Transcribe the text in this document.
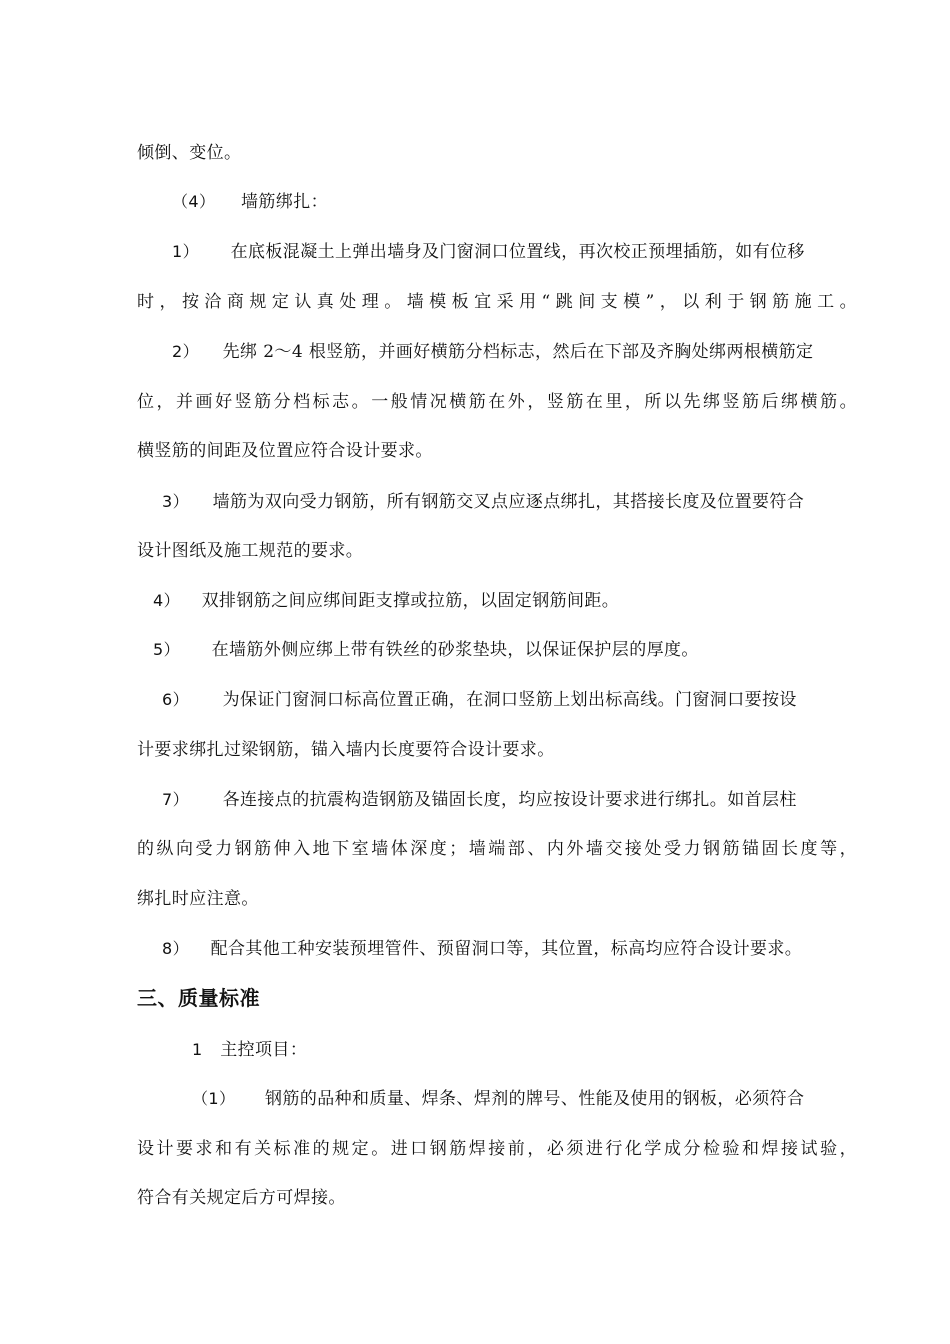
倾倒、变位。
（4） 墙筋绑扎：
1） 在底板混凝土上弹出墙身及门窗洞口位置线，再次校正预埋插筋，如有位移
时，按洽商规定认真处理。墙模板宜采用“跳间支模”，以利于钢筋施工。
2） 先绑 2～4 根竖筋，并画好横筋分档标志，然后在下部及齐胸处绑两根横筋定
位，并画好竖筋分档标志。一般情况横筋在外，竖筋在里，所以先绑竖筋后绑横筋。
横竖筋的间距及位置应符合设计要求。
3） 墙筋为双向受力钢筋，所有钢筋交叉点应逐点绑扎，其搭接长度及位置要符合
设计图纸及施工规范的要求。
4） 双排钢筋之间应绑间距支撑或拉筋，以固定钢筋间距。
5） 在墙筋外侧应绑上带有铁丝的砂浆垫块，以保证保护层的厚度。
6） 为保证门窗洞口标高位置正确，在洞口竖筋上划出标高线。门窗洞口要按设
计要求绑扎过梁钢筋，锚入墙内长度要符合设计要求。
7） 各连接点的抗震构造钢筋及锚固长度，均应按设计要求进行绑扎。如首层柱
的纵向受力钢筋伸入地下室墙体深度；墙端部、内外墙交接处受力钢筋锚固长度等，
绑扎时应注意。
8） 配合其他工种安装预埋管件、预留洞口等，其位置，标高均应符合设计要求。
三、质量标准
1 主控项目：
（1） 钢筋的品种和质量、焊条、焊剂的牌号、性能及使用的钢板，必须符合
设计要求和有关标准的规定。进口钢筋焊接前，必须进行化学成分检验和焊接试验，
符合有关规定后方可焊接。
